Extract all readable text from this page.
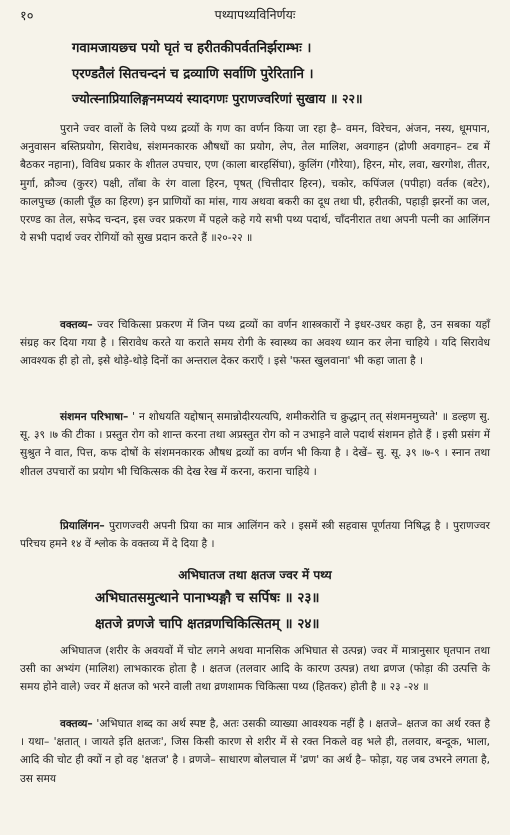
१०	पथ्यापथ्यविनिर्णयः
गवामजायछ्च पयो घृतं च हरीतकीपर्वतनिर्झराम्भः ।
एरण्डतैलं सितचन्दनं च द्रव्याणि सर्वाणि पुरेरितानि ।
ज्योत्स्नाप्रियालिङ्गनमप्ययं स्यादगणः पुराणज्वरिणां सुखाय ॥ २२॥
पुराने ज्वर वालों के लिये पथ्य द्रव्यों के गण का वर्णन किया जा रहा है– वमन, विरेचन, अंजन, नस्य, धूमपान, अनुवासन बस्तिप्रयोग, सिरावेध, संशमनकारक औषधों का प्रयोग, लेप, तेल मालिश, अवगाहन (द्रोणी अवगाहन– टब में बैठकर नहाना), विविध प्रकार के शीतल उपचार, एण (काला बारहसिंघा), कुलिंग (गौरेया), हिरन, मोर, लवा, खरगोश, तीतर, मुर्गा, क्रौञ्च (कुरर) पक्षी, ताँबा के रंग वाला हिरन, पृषत् (चित्तीदार हिरन), चकोर, कपिंजल (पपीहा) वर्तक (बटेर), कालपुच्छ (काली पूँछ का हिरण) इन प्राणियों का मांस, गाय अथवा बकरी का दूध तथा घी, हरीतकी, पहाड़ी झरनों का जल, एरण्ड का तेल, सफेद चन्दन, इस ज्वर प्रकरण में पहले कहे गये सभी पथ्य पदार्थ, चाँदनीरात तथा अपनी पत्नी का आलिंगन ये सभी पदार्थ ज्वर रोगियों को सुख प्रदान करते हैं ॥२०-२२ ॥
वक्तव्य– ज्वर चिकित्सा प्रकरण में जिन पथ्य द्रव्यों का वर्णन शास्त्रकारों ने इधर-उधर कहा है, उन सबका यहाँ संग्रह कर दिया गया है । सिरावेध करते या कराते समय रोगी के स्वास्थ्य का अवश्य ध्यान कर लेना चाहिये । यदि सिरावेध आवश्यक ही हो तो, इसे थोड़े-थोड़े दिनों का अन्तराल देकर कराएँ । इसे 'फस्त खुलवाना' भी कहा जाता है ।
संशमन परिभाषा– ' न शोधयति यद्दोषान् समान्नोदीरयत्यपि, शमीकरोति च क्रुद्धान् तत् संशमनमुच्यते' ॥ डल्हण सु. सू. ३९ ।७ की टीका । प्रस्तुत रोग को शान्त करना तथा अप्रस्तुत रोग को न उभाड़ने वाले पदार्थ संशमन होते हैं । इसी प्रसंग में सुश्रुत ने वात, पित्त, कफ दोषों के संशमनकारक औषध द्रव्यों का वर्णन भी किया है । देखें– सु. सू. ३९ ।७-९ । स्नान तथा शीतल उपचारों का प्रयोग भी चिकित्सक की देख रेख में करना, कराना चाहिये ।
प्रियालिंगन– पुराणज्वरी अपनी प्रिया का मात्र आलिंगन करे । इसमें स्त्री सहवास पूर्णतया निषिद्ध है । पुराणज्वर परिचय हमने १४ वें श्लोक के वक्तव्य में दे दिया है ।
अभिघातज तथा क्षतज ज्वर में पथ्य
अभिघातसमुत्थाने पानाभ्यङ्गौ च सर्पिषः ॥ २३॥
क्षतजे व्रणजे चापि क्षतव्रणचिकित्सितम् ॥ २४॥
अभिघातज (शरीर के अवयवों में चोट लगने अथवा मानसिक अभिघात से उत्पन्न) ज्वर में मात्रानुसार घृतपान तथा उसी का अभ्यंग (मालिश) लाभकारक होता है । क्षतज (तलवार आदि के कारण उत्पन्न) तथा व्रणज (फोड़ा की उत्पत्ति के समय होने वाले) ज्वर में क्षतज को भरने वाली तथा व्रणशामक चिकित्सा पथ्य (हितकर) होती है ॥ २३ -२४ ॥
वक्तव्य– 'अभिघात शब्द का अर्थ स्पष्ट है, अतः उसकी व्याख्या आवश्यक नहीं है । क्षतजे– क्षतज का अर्थ रक्त है । यथा– 'क्षतात् । जायते इति क्षतजः', जिस किसी कारण से शरीर में से रक्त निकले वह भले ही, तलवार, बन्दूक, भाला, आदि की चोट ही क्यों न हो वह 'क्षतज' है । व्रणजे– साधारण बोलचाल में 'व्रण' का अर्थ है– फोड़ा, यह जब उभरने लगता है, उस समय
